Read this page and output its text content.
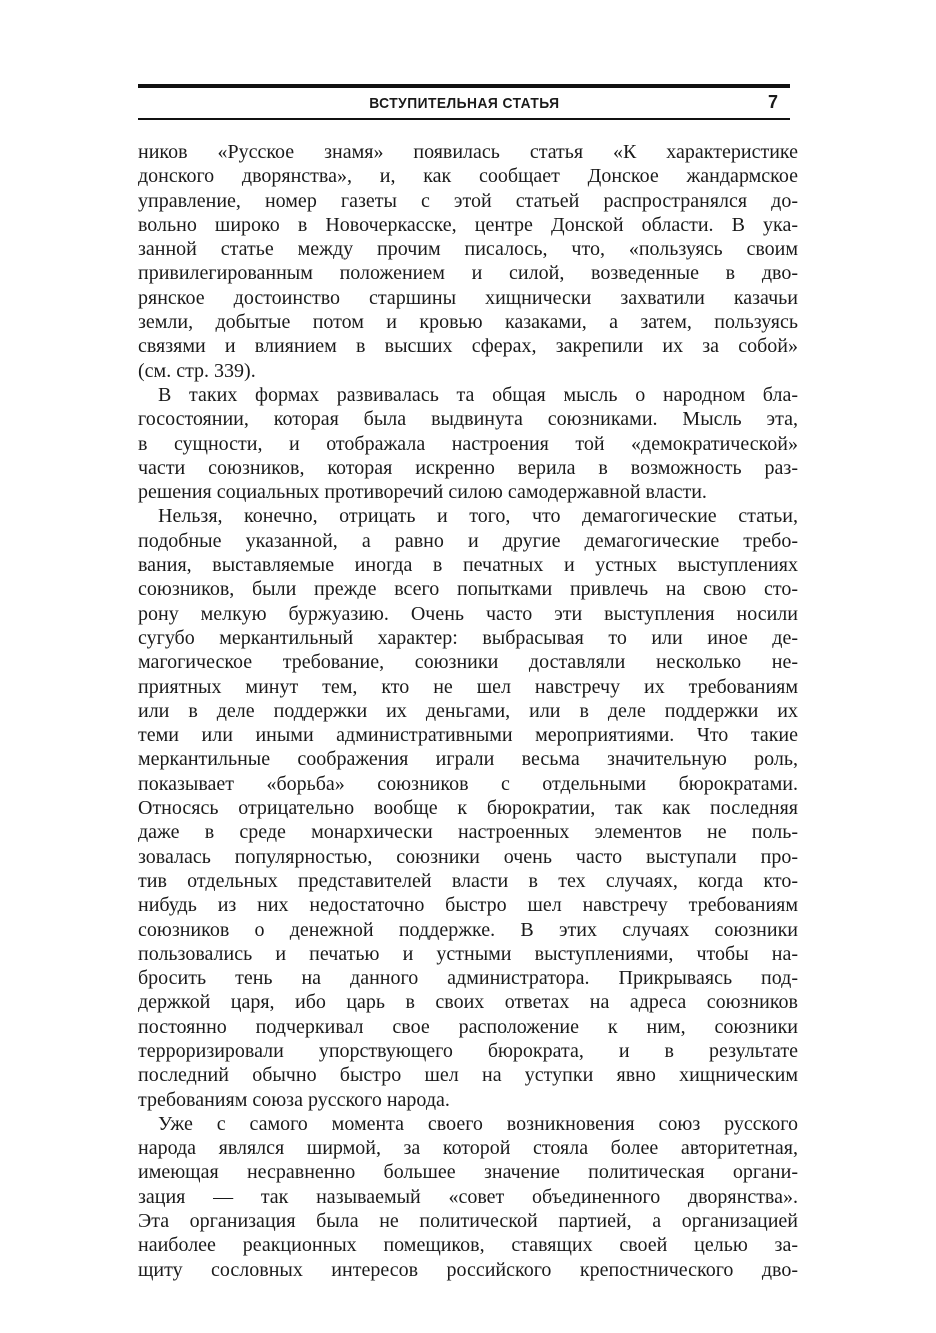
ВСТУПИТЕЛЬНАЯ СТАТЬЯ	7
ников «Русское знамя» появилась статья «К характеристике
донского дворянства», и, как сообщает Донское жандармское
управление, номер газеты с этой статьей распространялся до-
вольно широко в Новочеркасске, центре Донской области. В ука-
занной статье между прочим писалось, что, «пользуясь своим
привилегированным положением и силой, возведенные в дво-
рянское достоинство старшины хищнически захватили казачьи
земли, добытые потом и кровью казаками, а затем, пользуясь
связями и влиянием в высших сферах, закрепили их за собой»
(см. стр. 339).
В таких формах развивалась та общая мысль о народном бла-
госостоянии, которая была выдвинута союзниками. Мысль эта,
в сущности, и отображала настроения той «демократической»
части союзников, которая искренно верила в возможность раз-
решения социальных противоречий силою самодержавной власти.
Нельзя, конечно, отрицать и того, что демагогические статьи,
подобные указанной, а равно и другие демагогические требо-
вания, выставляемые иногда в печатных и устных выступлениях
союзников, были прежде всего попытками привлечь на свою сто-
рону мелкую буржуазию. Очень часто эти выступления носили
сугубо меркантильный характер: выбрасывая то или иное де-
магогическое требование, союзники доставляли несколько не-
приятных минут тем, кто не шел навстречу их требованиям
или в деле поддержки их деньгами, или в деле поддержки их
теми или иными административными мероприятиями. Что такие
меркантильные соображения играли весьма значительную роль,
показывает «борьба» союзников с отдельными бюрократами.
Относясь отрицательно вообще к бюрократии, так как последняя
даже в среде монархически настроенных элементов не поль-
зовалась популярностью, союзники очень часто выступали про-
тив отдельных представителей власти в тех случаях, когда кто-
нибудь из них недостаточно быстро шел навстречу требованиям
союзников о денежной поддержке. В этих случаях союзники
пользовались и печатью и устными выступлениями, чтобы на-
бросить тень на данного администратора. Прикрываясь под-
держкой царя, ибо царь в своих ответах на адреса союзников
постоянно подчеркивал свое расположение к ним, союзники
терроризировали упорствующего бюрократа, и в результате
последний обычно быстро шел на уступки явно хищническим
требованиям союза русского народа.
Уже с самого момента своего возникновения союз русского
народа являлся ширмой, за которой стояла более авторитетная,
имеющая несравненно большее значение политическая органи-
зация — так называемый «совет объединенного дворянства».
Эта организация была не политической партией, а организацией
наиболее реакционных помещиков, ставящих своей целью за-
щиту сословных интересов российского крепостнического дво-
